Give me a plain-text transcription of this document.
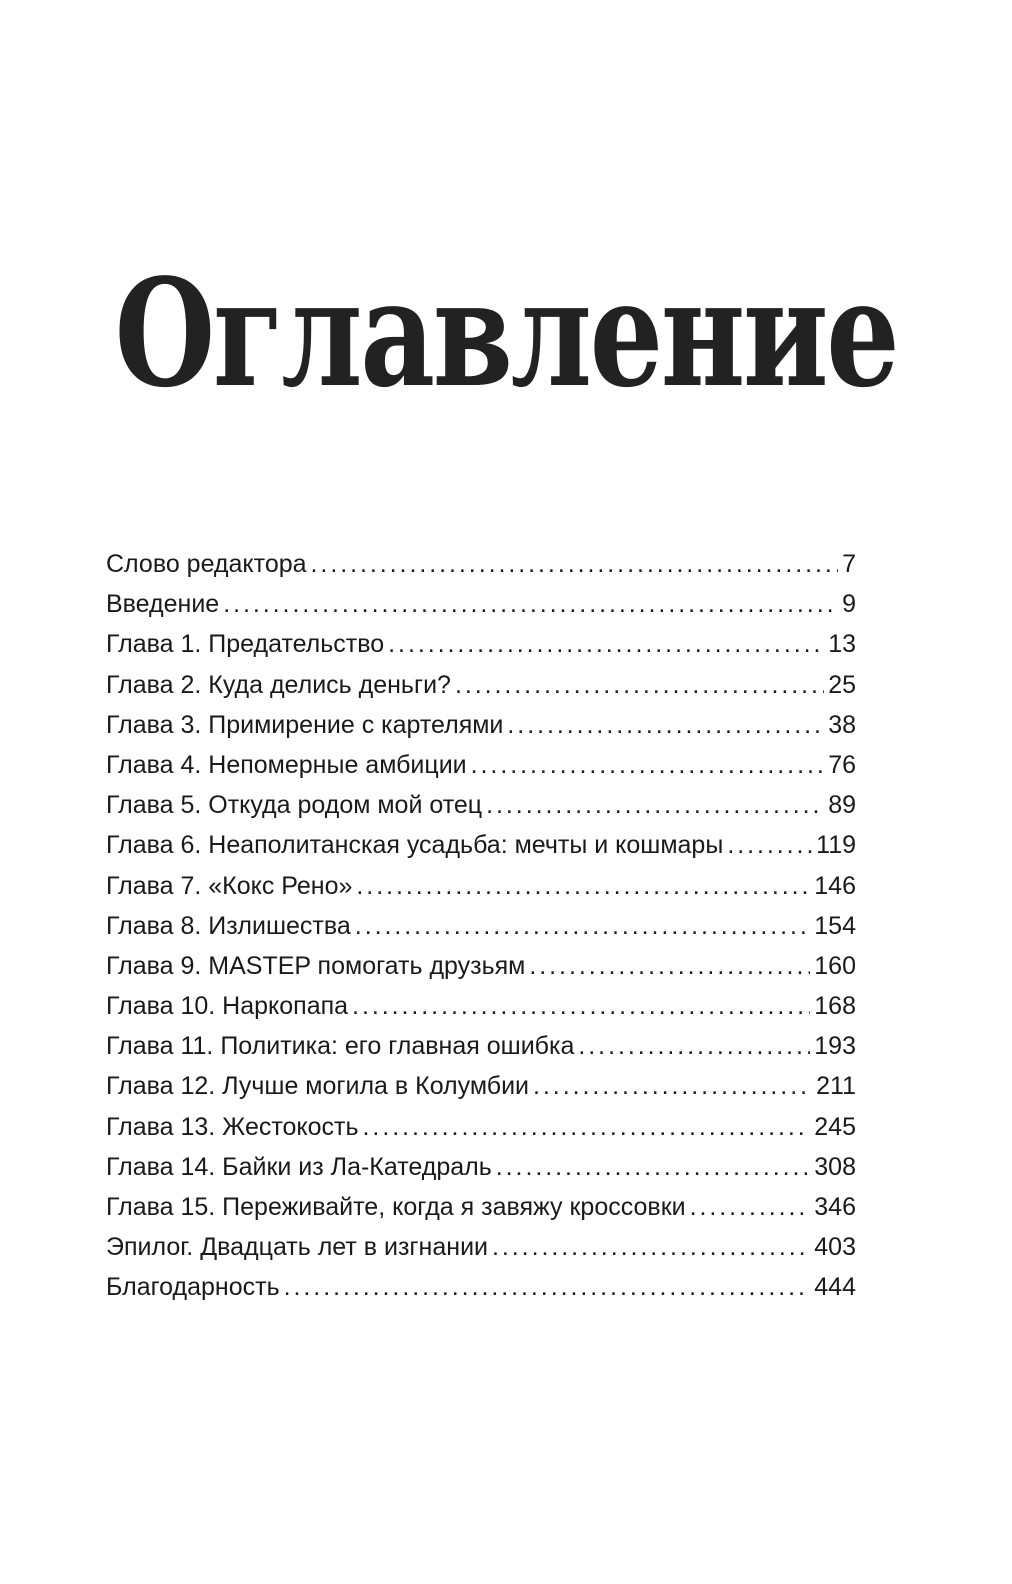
Оглавление
Слово редактора . . .	7
Введение . . .	9
Глава 1. Предательство . . .	13
Глава 2. Куда делись деньги? . . .	25
Глава 3. Примирение с картелями . . .	38
Глава 4. Непомерные амбиции . . .	76
Глава 5. Откуда родом мой отец . . .	89
Глава 6. Неаполитанская усадьба: мечты и кошмары . . .	119
Глава 7. «Кокс Рено» . . .	146
Глава 8. Излишества . . .	154
Глава 9. MASTEP помогать друзьям . . .	160
Глава 10. Наркопапа . . .	168
Глава 11. Политика: его главная ошибка . . .	193
Глава 12. Лучше могила в Колумбии . . .	211
Глава 13. Жестокость . . .	245
Глава 14. Байки из Ла-Катедраль . . .	308
Глава 15. Переживайте, когда я завяжу кроссовки . . .	346
Эпилог. Двадцать лет в изгнании . . .	403
Благодарность . . .	444
